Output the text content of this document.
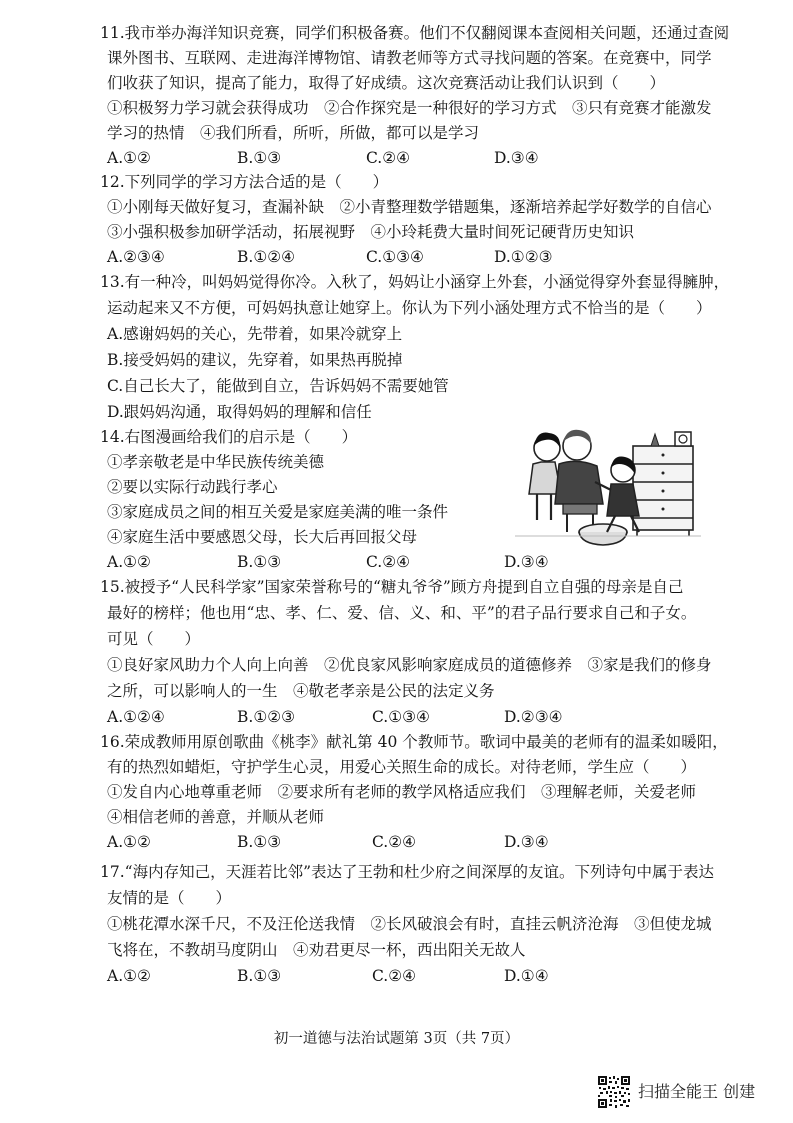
11.我市举办海洋知识竞赛，同学们积极备赛。他们不仅翻阅课本查阅相关问题，还通过查阅
课外图书、互联网、走进海洋博物馆、请教老师等方式寻找问题的答案。在竞赛中，同学
们收获了知识，提高了能力，取得了好成绩。这次竞赛活动让我们认识到（　　）
①积极努力学习就会获得成功　②合作探究是一种很好的学习方式　③只有竞赛才能激发
学习的热情　④我们所看，所听，所做，都可以是学习
A.①②	B.①③	C.②④	D.③④
12.下列同学的学习方法合适的是（　　）
①小刚每天做好复习，查漏补缺　②小青整理数学错题集，逐渐培养起学好数学的自信心
③小强积极参加研学活动，拓展视野　④小玲耗费大量时间死记硬背历史知识
A.②③④	B.①②④	C.①③④	D.①②③
13.有一种冷，叫妈妈觉得你冷。入秋了，妈妈让小涵穿上外套，小涵觉得穿外套显得臃肿，
运动起来又不方便，可妈妈执意让她穿上。你认为下列小涵处理方式不恰当的是（　　）
A.感谢妈妈的关心，先带着，如果冷就穿上
B.接受妈妈的建议，先穿着，如果热再脱掉
C.自己长大了，能做到自立，告诉妈妈不需要她管
D.跟妈妈沟通，取得妈妈的理解和信任
14.右图漫画给我们的启示是（　　）
①孝亲敬老是中华民族传统美德
②要以实际行动践行孝心
③家庭成员之间的相互关爱是家庭美满的唯一条件
④家庭生活中要感恩父母，长大后再回报父母
A.①②	B.①③	C.②④	D.③④
15.被授予“人民科学家”国家荣誉称号的“糖丸爷爷”顾方舟提到自立自强的母亲是自己
最好的榜样；他也用“忠、孝、仁、爱、信、义、和、平”的君子品行要求自己和子女。
可见（　　）
①良好家风助力个人向上向善　②优良家风影响家庭成员的道德修养　③家是我们的修身
之所，可以影响人的一生　④敬老孝亲是公民的法定义务
A.①②④	B.①②③	C.①③④	D.②③④
16.荣成教师用原创歌曲《桃李》献礼第 40 个教师节。歌词中最美的老师有的温柔如暖阳，
有的热烈如蜡炬，守护学生心灵，用爱心关照生命的成长。对待老师，学生应（　　）
①发自内心地尊重老师　②要求所有老师的教学风格适应我们　③理解老师，关爱老师
④相信老师的善意，并顺从老师
A.①②	B.①③	C.②④	D.③④
17.“海内存知己，天涯若比邻”表达了王勃和杜少府之间深厚的友谊。下列诗句中属于表达
友情的是（　　）
①桃花潭水深千尺，不及汪伦送我情　②长风破浪会有时，直挂云帆济沧海　③但使龙城
飞将在，不教胡马度阴山　④劝君更尽一杯，西出阳关无故人
A.①②	B.①③	C.②④	D.①④
初一道德与法治试题第 3页（共 7页）
扫描全能王 创建
